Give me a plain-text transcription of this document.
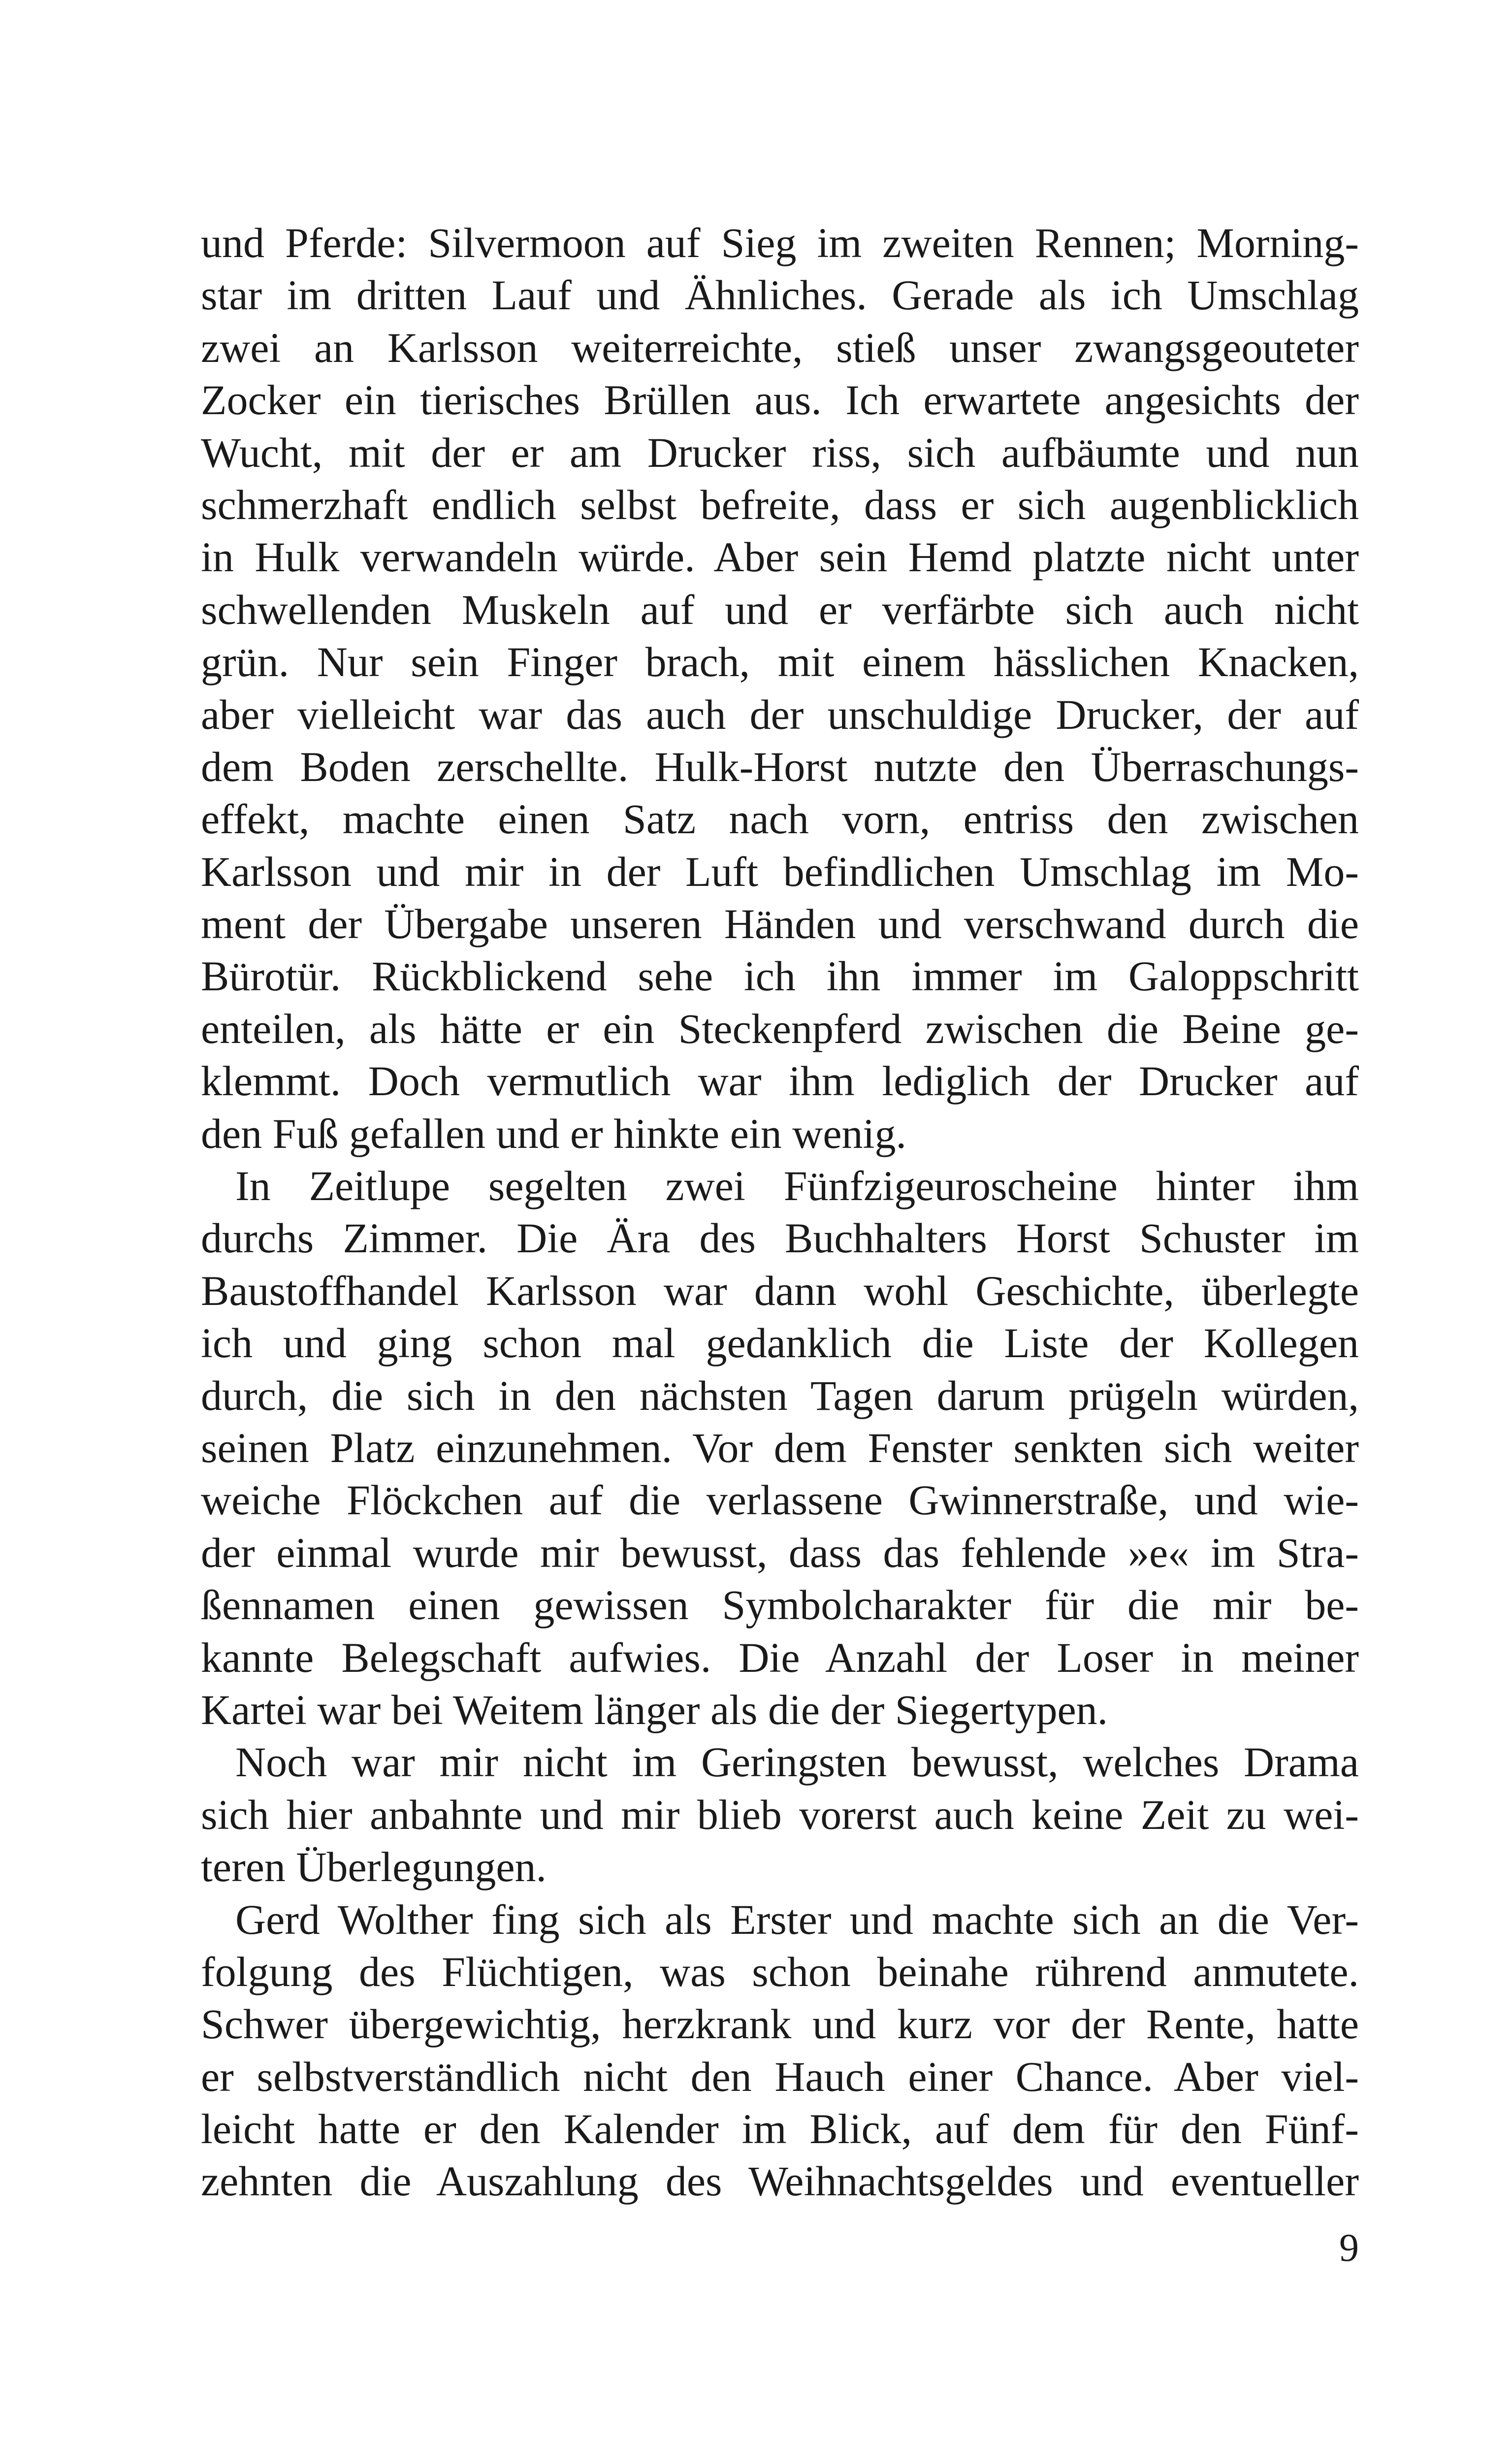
und Pferde: Silvermoon auf Sieg im zweiten Rennen; Morning-
star im dritten Lauf und Ähnliches. Gerade als ich Umschlag
zwei an Karlsson weiterreichte, stieß unser zwangsgeouteter
Zocker ein tierisches Brüllen aus. Ich erwartete angesichts der
Wucht, mit der er am Drucker riss, sich aufbäumte und nun
schmerzhaft endlich selbst befreite, dass er sich augenblicklich
in Hulk verwandeln würde. Aber sein Hemd platzte nicht unter
schwellenden Muskeln auf und er verfärbte sich auch nicht
grün. Nur sein Finger brach, mit einem hässlichen Knacken,
aber vielleicht war das auch der unschuldige Drucker, der auf
dem Boden zerschellte. Hulk-Horst nutzte den Überraschungs-
effekt, machte einen Satz nach vorn, entriss den zwischen
Karlsson und mir in der Luft befindlichen Umschlag im Mo-
ment der Übergabe unseren Händen und verschwand durch die
Bürotür. Rückblickend sehe ich ihn immer im Galoppschritt
enteilen, als hätte er ein Steckenpferd zwischen die Beine ge-
klemmt. Doch vermutlich war ihm lediglich der Drucker auf
den Fuß gefallen und er hinkte ein wenig.
In Zeitlupe segelten zwei Fünfzigeuroscheine hinter ihm
durchs Zimmer. Die Ära des Buchhalters Horst Schuster im
Baustoffhandel Karlsson war dann wohl Geschichte, überlegte
ich und ging schon mal gedanklich die Liste der Kollegen
durch, die sich in den nächsten Tagen darum prügeln würden,
seinen Platz einzunehmen. Vor dem Fenster senkten sich weiter
weiche Flöckchen auf die verlassene Gwinnerstraße, und wie-
der einmal wurde mir bewusst, dass das fehlende »e« im Stra-
ßennamen einen gewissen Symbolcharakter für die mir be-
kannte Belegschaft aufwies. Die Anzahl der Loser in meiner
Kartei war bei Weitem länger als die der Siegertypen.
Noch war mir nicht im Geringsten bewusst, welches Drama
sich hier anbahnte und mir blieb vorerst auch keine Zeit zu wei-
teren Überlegungen.
Gerd Wolther fing sich als Erster und machte sich an die Ver-
folgung des Flüchtigen, was schon beinahe rührend anmutete.
Schwer übergewichtig, herzkrank und kurz vor der Rente, hatte
er selbstverständlich nicht den Hauch einer Chance. Aber viel-
leicht hatte er den Kalender im Blick, auf dem für den Fünf-
zehnten die Auszahlung des Weihnachtsgeldes und eventueller
9
